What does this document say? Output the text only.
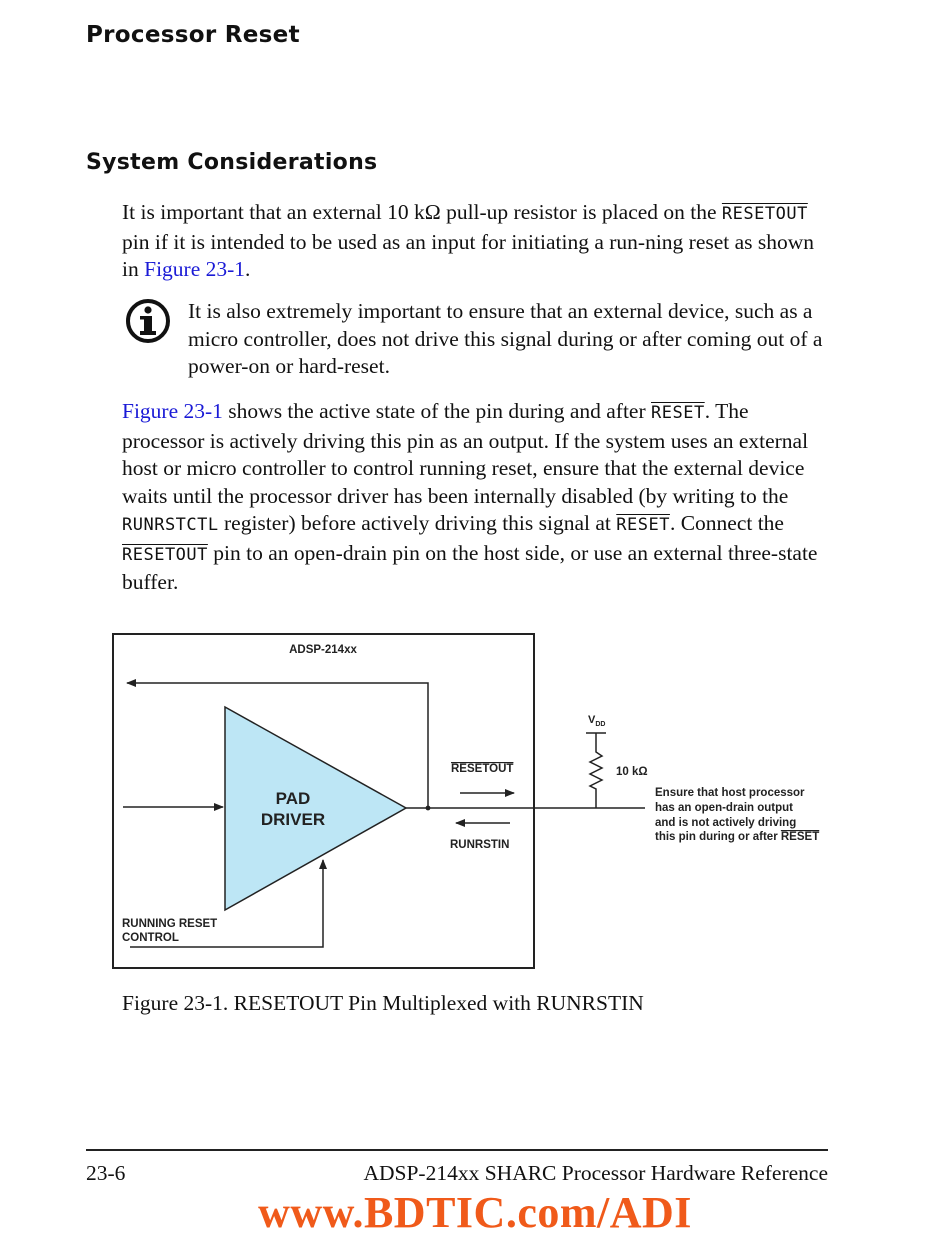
Processor Reset
System Considerations

It is important that an external 10 kΩ pull-up resistor is placed on the RESETOUT pin if it is intended to be used as an input for initiating a run-ning reset as shown in Figure 23-1.

It is also extremely important to ensure that an external device, such as a micro controller, does not drive this signal during or after coming out of a power-on or hard-reset.

Figure 23-1 shows the active state of the pin during and after RESET. The processor is actively driving this pin as an output. If the system uses an external host or micro controller to control running reset, ensure that the external device waits until the processor driver has been internally disabled (by writing to the RUNRSTCTL register) before actively driving this signal at RESET. Connect the RESETOUT pin to an open-drain pin on the host side, or use an external three-state buffer.

ADSP-214xx
PAD
DRIVER
RUNNING RESET
CONTROL
RESETOUT
RUNRSTIN
$V_{DD}$
10 kΩ
Ensure that host processor
has an open-drain output
and is not actively driving
this pin during or after RESET

Figure 23-1. RESETOUT Pin Multiplexed with RUNRSTIN

23-6	ADSP-214xx SHARC Processor Hardware Reference
www.BDTIC.com/ADI
